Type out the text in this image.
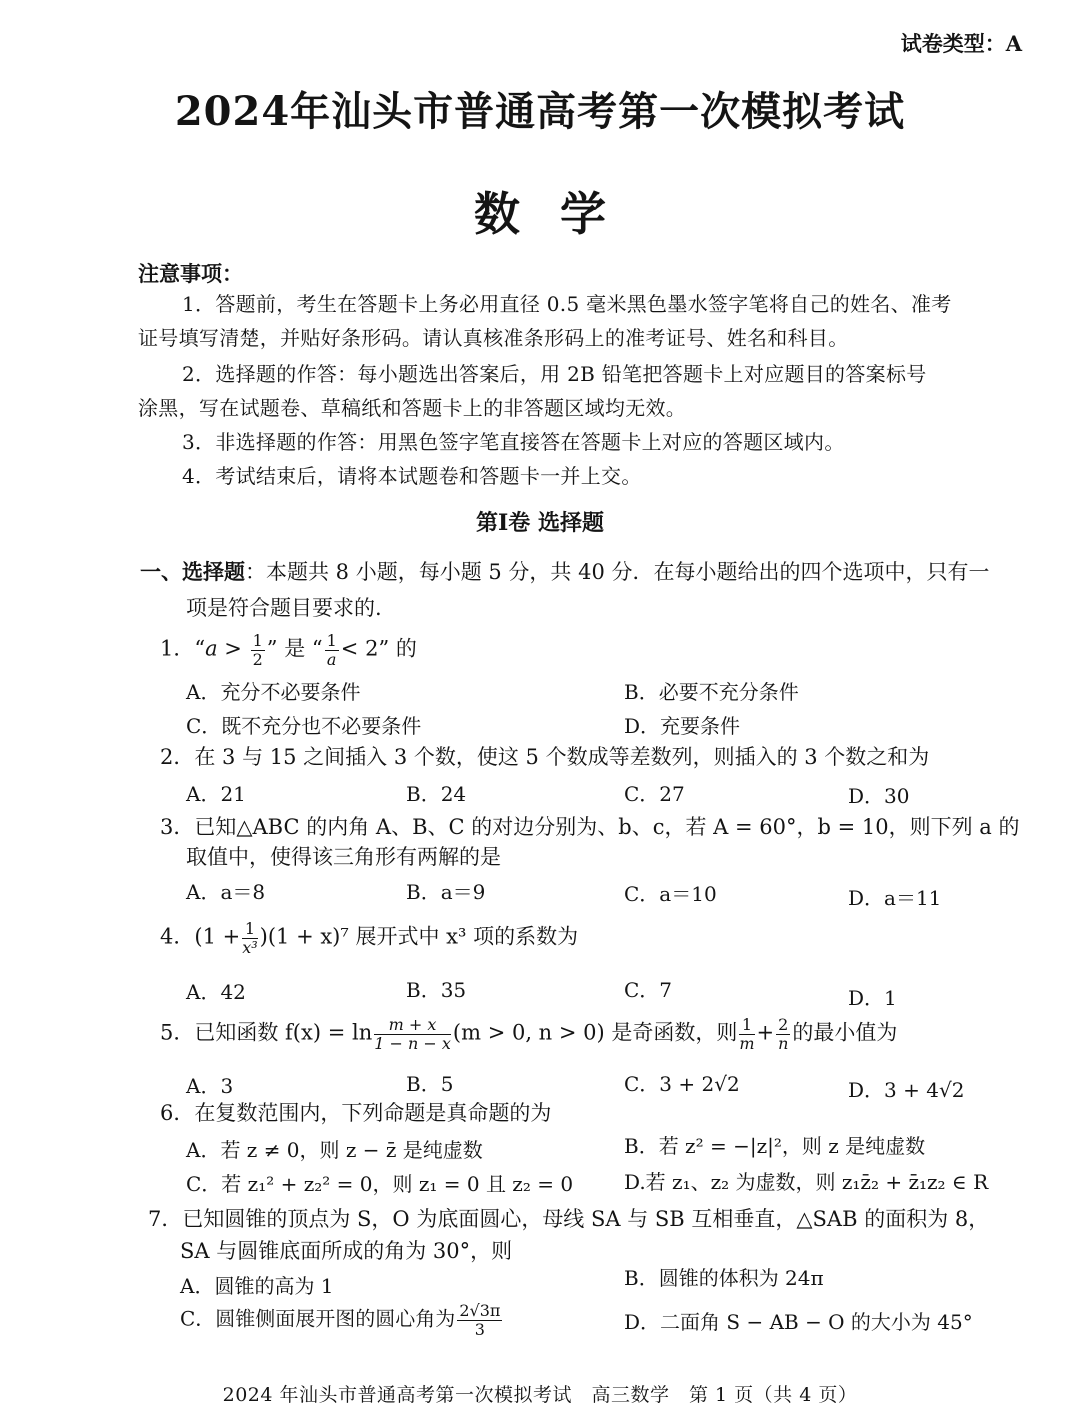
试卷类型：A
2024年汕头市普通高考第一次模拟考试
数学
注意事项：
1．答题前，考生在答题卡上务必用直径 0.5 毫米黑色墨水签字笔将自己的姓名、准考
证号填写清楚，并贴好条形码。请认真核准条形码上的准考证号、姓名和科目。
2．选择题的作答：每小题选出答案后，用 2B 铅笔把答题卡上对应题目的答案标号
涂黑，写在试题卷、草稿纸和答题卡上的非答题区域均无效。
3．非选择题的作答：用黑色签字笔直接答在答题卡上对应的答题区域内。
4．考试结束后，请将本试题卷和答题卡一并上交。
第Ⅰ卷 选择题
一、选择题：本题共 8 小题，每小题 5 分，共 40 分．在每小题给出的四个选项中，只有一
项是符合题目要求的.
1．“$a > \frac{1}{2}$ ” 是 “ $\frac{1}{a}< 2$” 的
A．充分不必要条件	B．必要不充分条件
C．既不充分也不必要条件	D．充要条件
2．在 3 与 15 之间插入 3 个数，使这 5 个数成等差数列，则插入的 3 个数之和为
A．21	B．24	C．27	D．30
3．已知△ABC 的内角 A、B、C 的对边分别为、b、c，若 A = 60°，b = 10，则下列 a 的
取值中，使得该三角形有两解的是
A．a＝8	B．a＝9	C．a＝10	D．a＝11
4．$(1 + \frac{1}{\text{x³}})(1 + x)^7$ 展开式中 x³ 项的系数为
A．42	B．35	C．7	D．1
5．已知函数 $f(x) = \ln \frac{m + x}{1 - n - x} (m > 0$, n > 0) 是奇函数，则 $\frac{1}{m}+ \frac{2}{n}$的最小值为
A．3	B．5	C．3 + 2√2	D．3 + 4√2
6．在复数范围内，下列命题是真命题的为
A．若 z ≠ 0，则 z − z̄ 是纯虚数	B．若 z² = −|z|²，则 z 是纯虚数
C．若 z₁² + z₂² = 0，则 z₁ = 0 且 z₂ = 0	D.若 z₁、z₂ 为虚数，则 z₁z̄₂ + z̄₁z₂ ∈ R
7．已知圆锥的顶点为 S，O 为底面圆心，母线 SA 与 SB 互相垂直，△SAB 的面积为 8，
SA 与圆锥底面所成的角为 30°，则
A．圆锥的高为 1	B．圆锥的体积为 24π
C．圆锥侧面展开图的圆心角为 $\frac{2√3\pi}{3}$	D．二面角 S − AB − O 的大小为 45°
2024 年汕头市普通高考第一次模拟考试　高三数学　第 1 页（共 4 页）
